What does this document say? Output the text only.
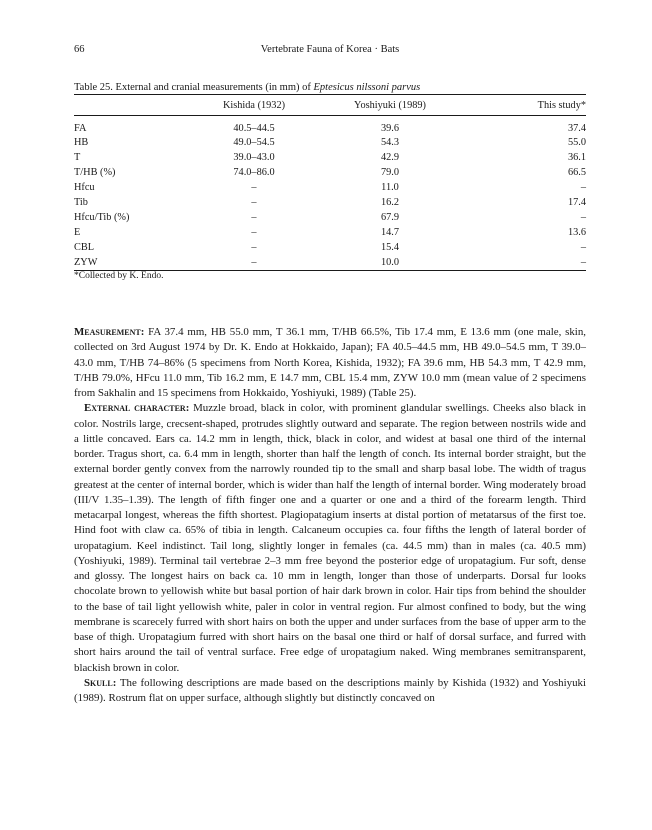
66	Vertebrate Fauna of Korea · Bats
Table 25. External and cranial measurements (in mm) of Eptesicus nilssoni parvus
	Kishida (1932)	Yoshiyuki (1989)	This study*
FA	40.5–44.5	39.6	37.4
HB	49.0–54.5	54.3	55.0
T	39.0–43.0	42.9	36.1
T/HB (%)	74.0–86.0	79.0	66.5
Hfcu	–	11.0	–
Tib	–	16.2	17.4
Hfcu/Tib (%)	–	67.9	–
E	–	14.7	13.6
CBL	–	15.4	–
ZYW	–	10.0	–
*Collected by K. Endo.

Measurement: FA 37.4 mm, HB 55.0 mm, T 36.1 mm, T/HB 66.5%, Tib 17.4 mm, E 13.6 mm (one male, skin, collected on 3rd August 1974 by Dr. K. Endo at Hokkaido, Japan); FA 40.5–44.5 mm, HB 49.0–54.5 mm, T 39.0–43.0 mm, T/HB 74–86% (5 specimens from North Korea, Kishida, 1932); FA 39.6 mm, HB 54.3 mm, T 42.9 mm, T/HB 79.0%, HFcu 11.0 mm, Tib 16.2 mm, E 14.7 mm, CBL 15.4 mm, ZYW 10.0 mm (mean value of 2 specimens from Sakhalin and 15 specimens from Hokkaido, Yoshiyuki, 1989) (Table 25).

External character: Muzzle broad, black in color, with prominent glandular swellings. Cheeks also black in color. Nostrils large, crecsent-shaped, protrudes slightly outward and separate. The region between nostrils wide and a little concaved. Ears ca. 14.2 mm in length, thick, black in color, and widest at basal one third of the internal border. Tragus short, ca. 6.4 mm in length, shorter than half the length of conch. Its internal border straight, but the external border gently convex from the narrowly rounded tip to the small and sharp basal lobe. The width of tragus greatest at the center of internal border, which is wider than half the length of internal border. Wing moderately broad (III/V 1.35–1.39). The length of fifth finger one and a quarter or one and a third of the forearm length. Third metacarpal longest, whereas the fifth shortest. Plagiopatagium inserts at distal portion of metatarsus of the first toe. Hind foot with claw ca. 65% of tibia in length. Calcaneum occupies ca. four fifths the length of lateral border of uropatagium. Keel indistinct. Tail long, slightly longer in females (ca. 44.5 mm) than in males (ca. 40.5 mm) (Yoshiyuki, 1989). Terminal tail vertebrae 2–3 mm free beyond the posterior edge of uropatagium. Fur soft, dense and glossy. The longest hairs on back ca. 10 mm in length, longer than those of underparts. Dorsal fur looks chocolate brown to yellowish white but basal portion of hair dark brown in color. Hair tips from behind the shoulder to the base of tail light yellowish white, paler in color in ventral region. Fur almost confined to body, but the wing membrane is scarecely furred with short hairs on both the upper and under surfaces from the base of upper arm to the base of thigh. Uropatagium furred with short hairs on the basal one third or half of dorsal surface, and furred with short hairs around the tail of ventral surface. Free edge of uropatagium naked. Wing membranes semitransparent, blackish brown in color.

Skull: The following descriptions are made based on the descriptions mainly by Kishida (1932) and Yoshiyuki (1989). Rostrum flat on upper surface, although slightly but distinctly concaved on
